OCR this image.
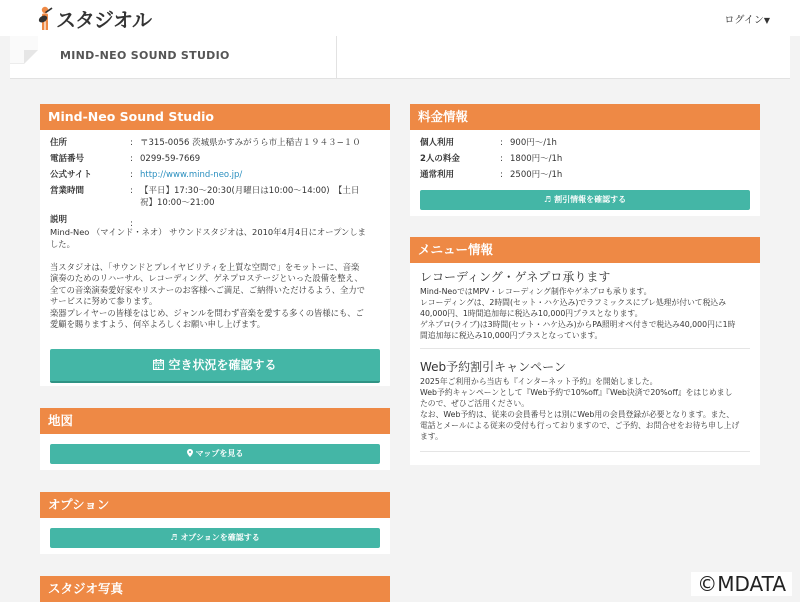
スタジオル	ログイン▼
MIND-NEO SOUND STUDIO
Mind-Neo Sound Studio
住所	: 〒315-0056 茨城県かすみがうら市上稲吉１９４３−１０
電話番号	: 0299-59-7669
公式サイト	: http://www.mind-neo.jp/
営業時間	: 【平日】17:30〜20:30(月曜日は10:00〜14:00)　【土日
祝】10:00〜21:00
説明	:
Mind-Neo （マインド・ネオ） サウンドスタジオは、2010年4月4日にオープンしま
した。
当スタジオは、「サウンドとプレイヤビリティを上質な空間で」をモットーに、音楽
演奏のためのリハーサル、レコーディング、ゲネプロステージといった設備を整え、
全ての音楽演奏愛好家やリスナーのお客様へご満足、ご納得いただけるよう、全力で
サービスに努めて参ります。
楽器プレイヤーの皆様をはじめ、ジャンルを問わず音楽を愛する多くの皆様にも、ご
愛顧を賜りますよう、何卒よろしくお願い申し上げます。
空き状況を確認する
地図
マップを見る
オプション
♬ オプションを確認する
スタジオ写真
料金情報
個人利用	: 900円〜/1h
2人の料金	: 1800円〜/1h
通常利用	: 2500円〜/1h
♬ 割引情報を確認する
メニュー情報
レコーディング・ゲネプロ承ります
Mind-NeoではMPV・レコーディング制作やゲネプロも承ります。
レコーディングは、2時間(セット・ハケ込み)でラフミックスにプレ処理が付いて税込み
40,000円、1時間追加毎に税込み10,000円プラスとなります。
ゲネプロ(ライブ)は3時間(セット・ハケ込み)からPA照明オペ付きで税込み40,000円に1時
間追加毎に税込み10,000円プラスとなっています。
Web予約割引キャンペーン
2025年ご利用から当店も『インターネット予約』を開始しました。
Web予約キャンペーンとして『Web予約で10%off』『Web決済で20%off』をはじめまし
たので、ぜひご活用ください。
なお、Web予約は、従来の会員番号とは別にWeb用の会員登録が必要となります。また、
電話とメールによる従来の受付も行っておりますので、ご予約、お問合せをお待ち申し上げ
ます。
©MDATA
